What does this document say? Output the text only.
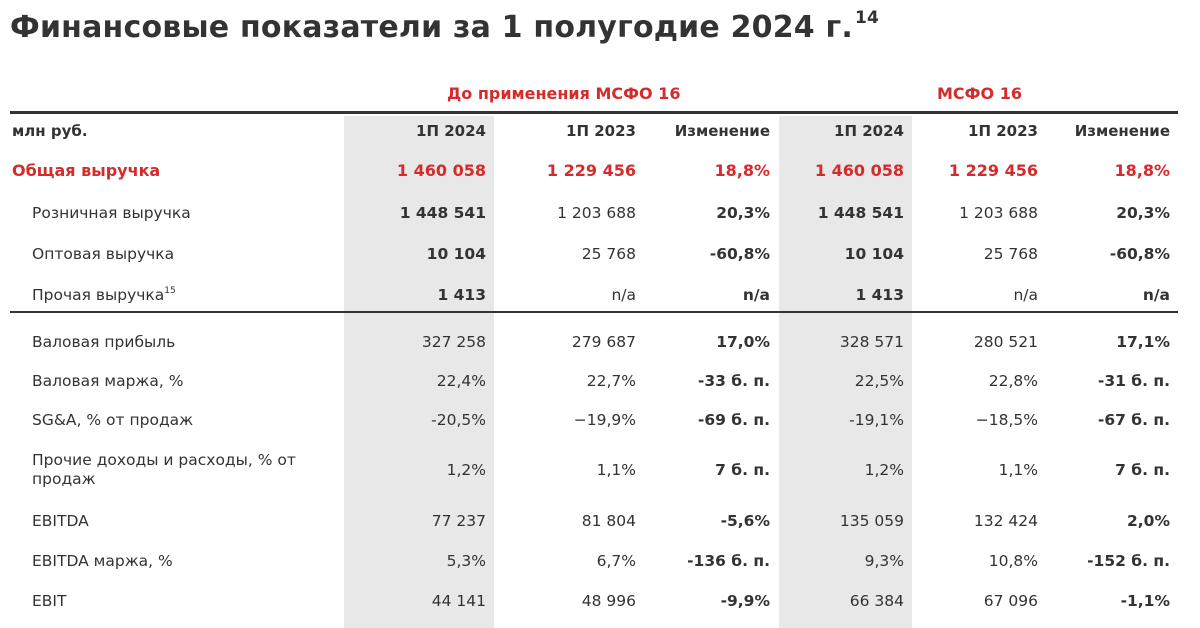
Финансовые показатели за 1 полугодие 2024 г. $^{14}$
До применения МСФО 16	МСФО 16
млн руб.	1П 2024	1П 2023	Изменение	1П 2024	1П 2023	Изменение
Общая выручка	1 460 058	1 229 456	18,8%	1 460 058	1 229 456	18,8%
Розничная выручка	1 448 541	1 203 688	20,3%	1 448 541	1 203 688	20,3%
Оптовая выручка	10 104	25 768	-60,8%	10 104	25 768	-60,8%
Прочая выручка$^{15}$	1 413	n/a	n/a	1 413	n/a	n/a

Валовая прибыль	327 258	279 687	17,0%	328 571	280 521	17,1%
Валовая маржа, %	22,4%	22,7%	-33 б. п.	22,5%	22,8%	-31 б. п.
SG&A, % от продаж	-20,5%	−19,9%	-69 б. п.	-19,1%	−18,5%	-67 б. п.
Прочие доходы и расходы, % от продаж	1,2%	1,1%	7 б. п.	1,2%	1,1%	7 б. п.
EBITDA	77 237	81 804	-5,6%	135 059	132 424	2,0%
EBITDA маржа, %	5,3%	6,7%	-136 б. п.	9,3%	10,8%	-152 б. п.
EBIT	44 141	48 996	-9,9%	66 384	67 096	-1,1%
